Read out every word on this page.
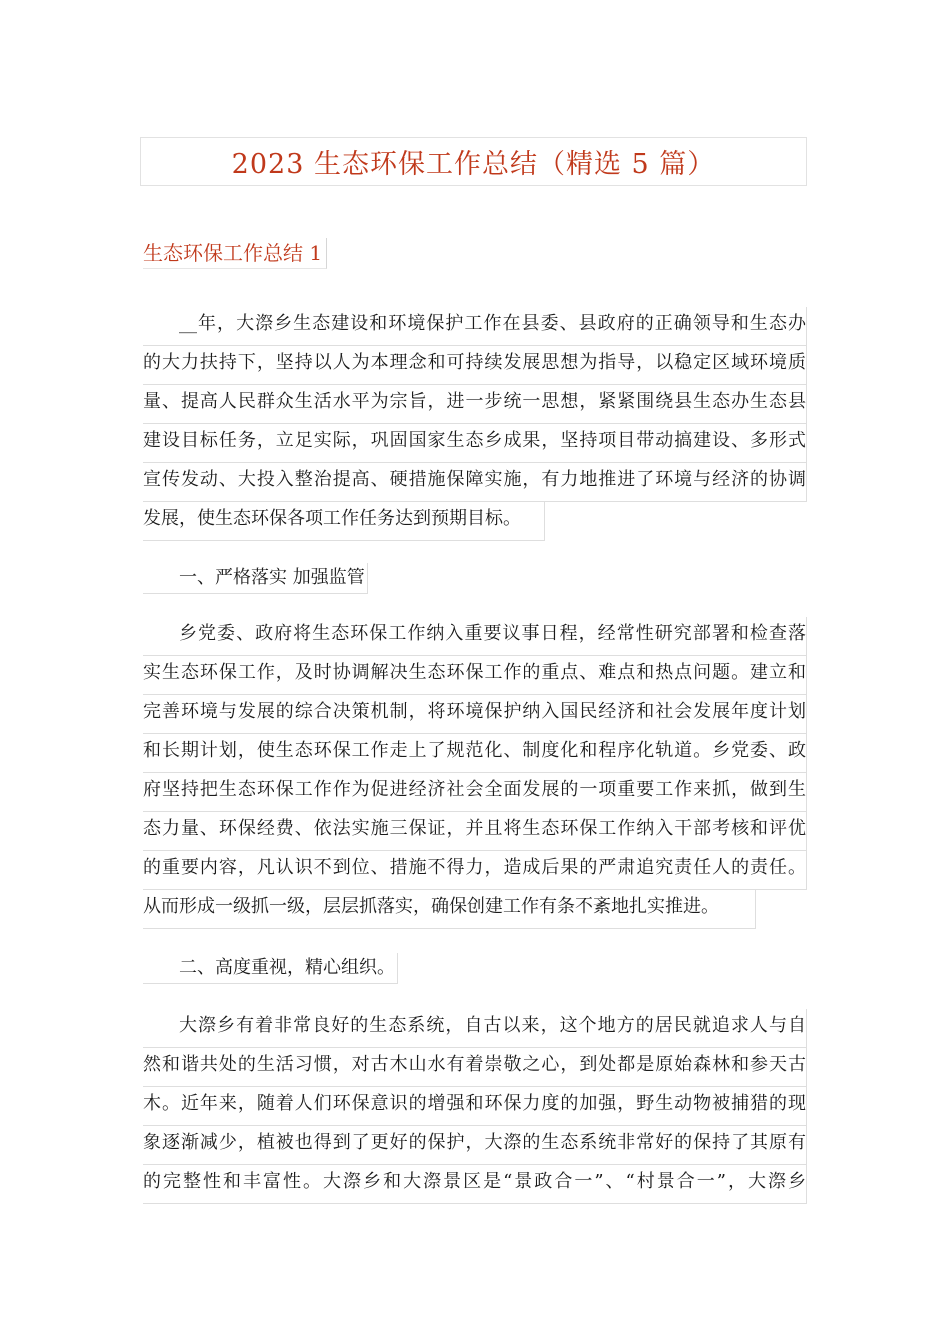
2023 生态环保工作总结（精选 5 篇）
生态环保工作总结 1
__年，大漈乡生态建设和环境保护工作在县委、县政府的正确领导和生态办
的大力扶持下，坚持以人为本理念和可持续发展思想为指导，以稳定区域环境质
量、提高人民群众生活水平为宗旨，进一步统一思想，紧紧围绕县生态办生态县
建设目标任务，立足实际，巩固国家生态乡成果，坚持项目带动搞建设、多形式
宣传发动、大投入整治提高、硬措施保障实施，有力地推进了环境与经济的协调
发展，使生态环保各项工作任务达到预期目标。
一、严格落实 加强监管
乡党委、政府将生态环保工作纳入重要议事日程，经常性研究部署和检查落
实生态环保工作，及时协调解决生态环保工作的重点、难点和热点问题。建立和
完善环境与发展的综合决策机制，将环境保护纳入国民经济和社会发展年度计划
和长期计划，使生态环保工作走上了规范化、制度化和程序化轨道。乡党委、政
府坚持把生态环保工作作为促进经济社会全面发展的一项重要工作来抓，做到生
态力量、环保经费、依法实施三保证，并且将生态环保工作纳入干部考核和评优
的重要内容，凡认识不到位、措施不得力，造成后果的严肃追究责任人的责任。
从而形成一级抓一级，层层抓落实，确保创建工作有条不紊地扎实推进。
二、高度重视，精心组织。
大漈乡有着非常良好的生态系统，自古以来，这个地方的居民就追求人与自
然和谐共处的生活习惯，对古木山水有着崇敬之心，到处都是原始森林和参天古
木。近年来，随着人们环保意识的增强和环保力度的加强，野生动物被捕猎的现
象逐渐减少，植被也得到了更好的保护，大漈的生态系统非常好的保持了其原有
的完整性和丰富性。大漈乡和大漈景区是“景政合一”、“村景合一”，大漈乡
